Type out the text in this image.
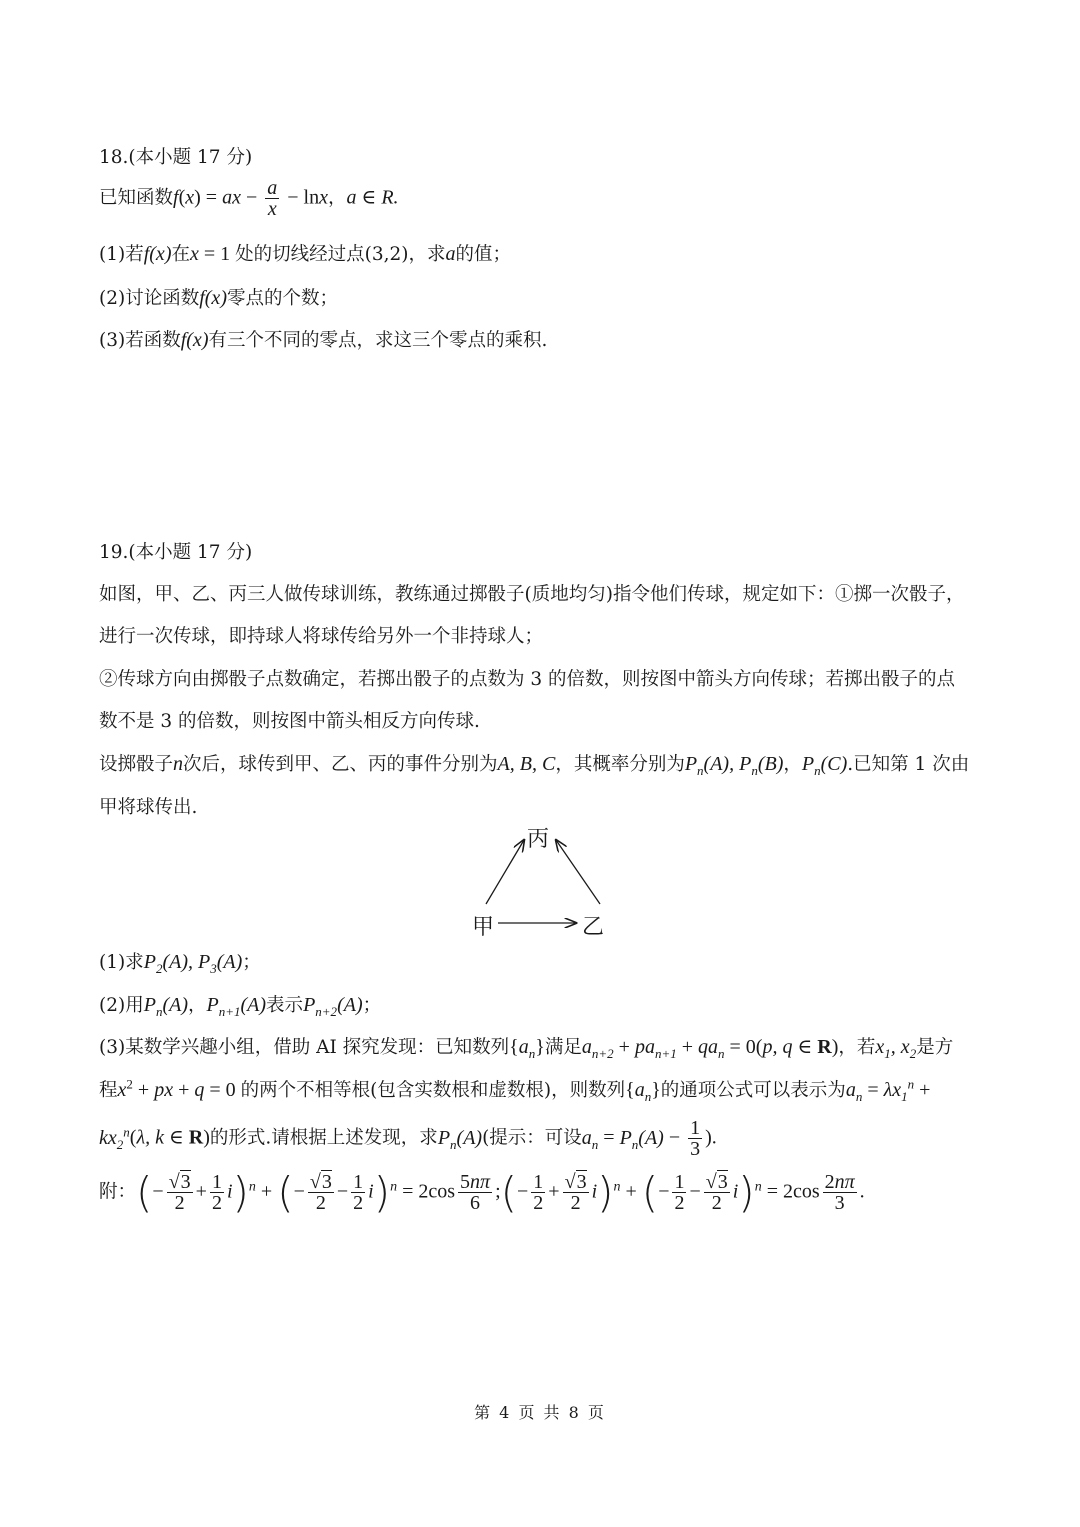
18.(本小题 17 分)
已知函数f(x) = ax − $\frac{a}{x} - \ln x$，a ∈ R.
(1)若f(x)在x = 1 处的切线经过点(3,2)，求a的值；
(2)讨论函数f(x)零点的个数；
(3)若函数f(x)有三个不同的零点，求这三个零点的乘积.
19.(本小题 17 分)
如图，甲、乙、丙三人做传球训练，教练通过掷骰子(质地均匀)指令他们传球，规定如下：①掷一次骰子，
进行一次传球，即持球人将球传给另外一个非持球人；
②传球方向由掷骰子点数确定，若掷出骰子的点数为 3 的倍数，则按图中箭头方向传球；若掷出骰子的点
数不是 3 的倍数，则按图中箭头相反方向传球.
设掷骰子n次后，球传到甲、乙、丙的事件分别为A, B, C，其概率分别为$P_n(A)$, $P_n(B)$，$P_n(C)$.已知第 1 次由
甲将球传出.
丙
甲	乙
(1)求$P_2(A)$, $P_3(A)$；
(2)用$P_n(A)$，$P_{n+1}(A)$表示$P_{n+2}(A)$；
(3)某数学兴趣小组，借助 AI 探究发现：已知数列$\{a_n\}$满足$a_{n+2} + pa_{n+1} + qa_n = 0(p$, q ∈ R)，若$x_1$, $x_2$是方
程$x^2$ + px + q = 0 的两个不相等根(包含实数根和虚数根)，则数列$\{a_n\}$的通项公式可以表示为$a_n = \lambda x_1^n$ +
$kx_2^n(\lambda$, k ∈ R)的形式.请根据上述发现，求$P_n(A)$(提示：可设$a_n = P_n(A) - \frac{1}{3}$ ).
附：(− $\frac{√3}{2} + \frac{1}{2} i)^n$ + (− $\frac{√3}{2} - \frac{1}{2} i)^n = 2\cos \frac{5n\pi}{6}$ ;(− $\frac{1}{2} + \frac{√3}{2} i)^n$ + (− $\frac{1}{2} - \frac{√3}{2} i)^n = 2\cos \frac{2n\pi}{3}$ .
第 4 页 共 8 页
